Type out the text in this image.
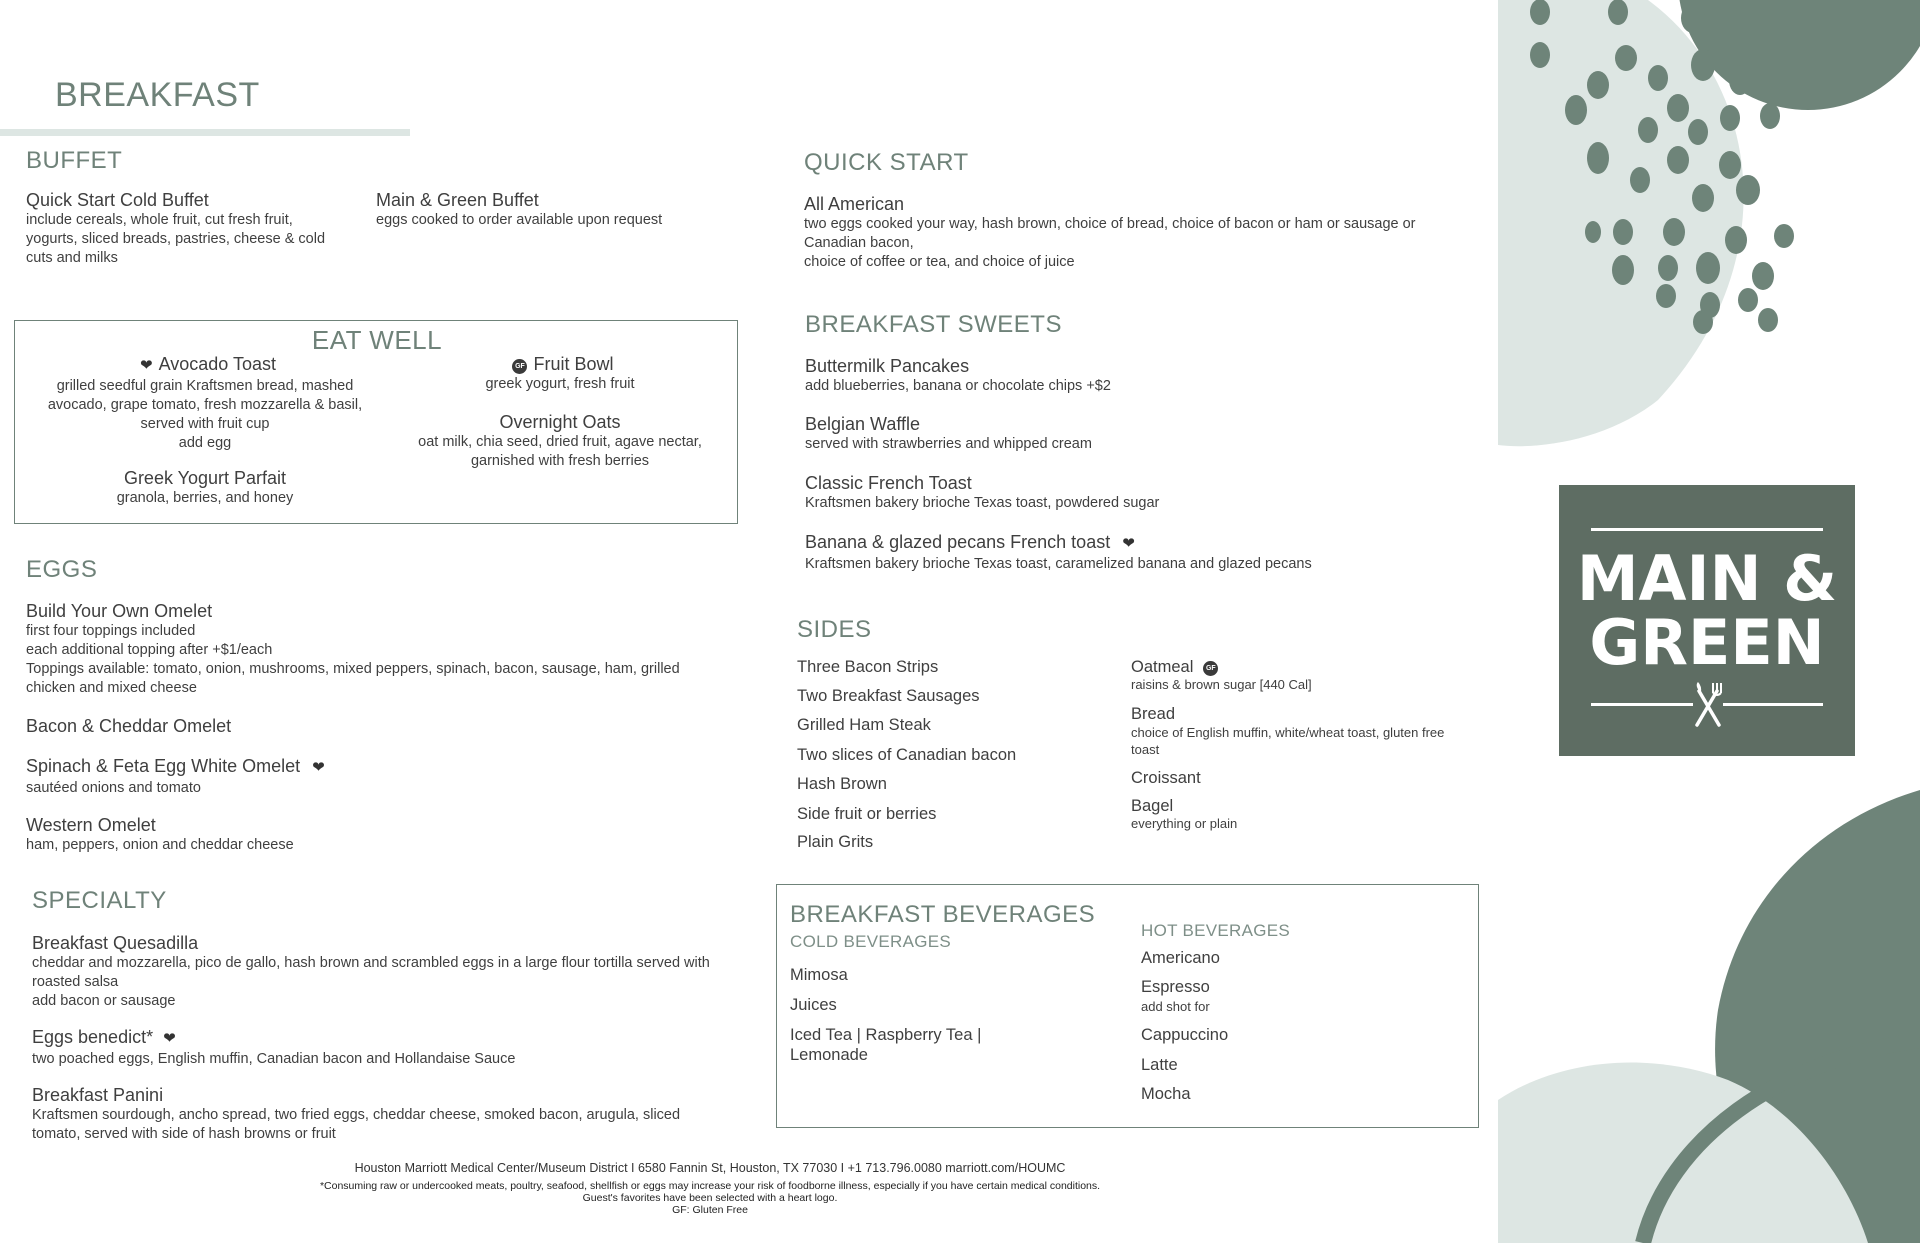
MAIN &
GREEN
BREAKFAST
BUFFET
Quick Start Cold Buffet
include cereals, whole fruit, cut fresh fruit, yogurts, sliced breads, pastries, cheese & cold cuts and milks
Main & Green Buffet
eggs cooked to order available upon request
EAT WELL
❤ Avocado Toast
grilled seedful grain Kraftsmen bread, mashed avocado, grape tomato, fresh mozzarella & basil, served with fruit cup
add egg
GF Fruit Bowl
greek yogurt, fresh fruit
Overnight Oats
oat milk, chia seed, dried fruit, agave nectar, garnished with fresh berries
Greek Yogurt Parfait
granola, berries, and honey
EGGS
Build Your Own Omelet
first four toppings included
each additional topping after +$1/each
Toppings available: tomato, onion, mushrooms, mixed peppers, spinach, bacon, sausage, ham, grilled chicken and mixed cheese
Bacon & Cheddar Omelet
Spinach & Feta Egg White Omelet ❤
sautéed onions and tomato
Western Omelet
ham, peppers, onion and cheddar cheese
SPECIALTY
Breakfast Quesadilla
cheddar and mozzarella, pico de gallo, hash brown and scrambled eggs in a large flour tortilla served with roasted salsa
add bacon or sausage
Eggs benedict* ❤
two poached eggs, English muffin, Canadian bacon and Hollandaise Sauce
Breakfast Panini
Kraftsmen sourdough, ancho spread, two fried eggs, cheddar cheese, smoked bacon, arugula, sliced tomato, served with side of hash browns or fruit
QUICK START
All American
two eggs cooked your way, hash brown, choice of bread, choice of bacon or ham or sausage or Canadian bacon,
choice of coffee or tea, and choice of juice
BREAKFAST SWEETS
Buttermilk Pancakes
add blueberries, banana or chocolate chips +$2
Belgian Waffle
served with strawberries and whipped cream
Classic French Toast
Kraftsmen bakery brioche Texas toast, powdered sugar
Banana & glazed pecans French toast ❤
Kraftsmen bakery brioche Texas toast, caramelized banana and glazed pecans
SIDES
Three Bacon Strips
Two Breakfast Sausages
Grilled Ham Steak
Two slices of Canadian bacon
Hash Brown
Side fruit or berries
Plain Grits
Oatmeal GF
raisins & brown sugar [440 Cal]
Bread
choice of English muffin, white/wheat toast, gluten free toast
Croissant
Bagel
everything or plain
BREAKFAST BEVERAGES
COLD BEVERAGES
Mimosa
Juices
Iced Tea | Raspberry Tea | Lemonade
HOT BEVERAGES
Americano
Espresso
add shot for
Cappuccino
Latte
Mocha
Houston Marriott Medical Center/Museum District I 6580 Fannin St, Houston, TX 77030 I +1 713.796.0080 marriott.com/HOUMC
*Consuming raw or undercooked meats, poultry, seafood, shellfish or eggs may increase your risk of foodborne illness, especially if you have certain medical conditions.
Guest's favorites have been selected with a heart logo.
GF: Gluten Free
